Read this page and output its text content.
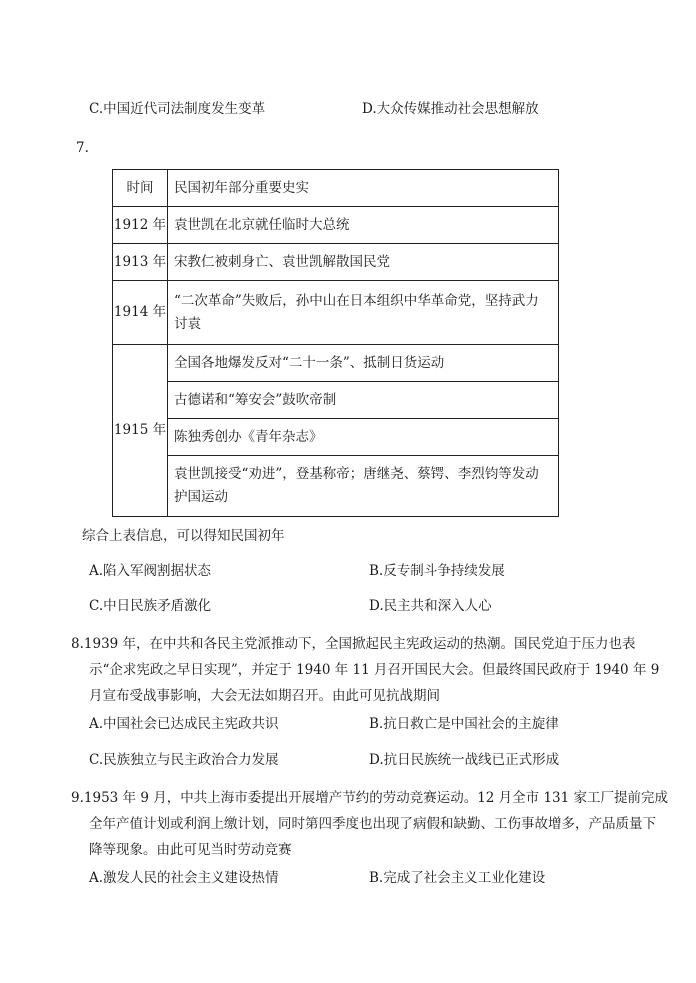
C.中国近代司法制度发生变革	D.大众传媒推动社会思想解放
7.
时间	民国初年部分重要史实
1912 年	袁世凯在北京就任临时大总统
1913 年	宋教仁被刺身亡、袁世凯解散国民党
1914 年	“二次革命”失败后，孙中山在日本组织中华革命党，坚持武力讨袁
1915 年	全国各地爆发反对“二十一条”、抵制日货运动
	古德诺和“筹安会”鼓吹帝制
	陈独秀创办《青年杂志》
	袁世凯接受“劝进”，登基称帝；唐继尧、蔡锷、李烈钧等发动护国运动
综合上表信息，可以得知民国初年
A.陷入军阀割据状态	B.反专制斗争持续发展
C.中日民族矛盾激化	D.民主共和深入人心
8.1939 年，在中共和各民主党派推动下，全国掀起民主宪政运动的热潮。国民党迫于压力也表示“企求宪政之早日实现”，并定于 1940 年 11 月召开国民大会。但最终国民政府于 1940 年 9 月宣布受战事影响，大会无法如期召开。由此可见抗战期间
A.中国社会已达成民主宪政共识	B.抗日救亡是中国社会的主旋律
C.民族独立与民主政治合力发展	D.抗日民族统一战线已正式形成
9.1953 年 9 月，中共上海市委提出开展增产节约的劳动竞赛运动。12 月全市 131 家工厂提前完成全年产值计划或利润上缴计划，同时第四季度也出现了病假和缺勤、工伤事故增多，产品质量下降等现象。由此可见当时劳动竞赛
A.激发人民的社会主义建设热情	B.完成了社会主义工业化建设
